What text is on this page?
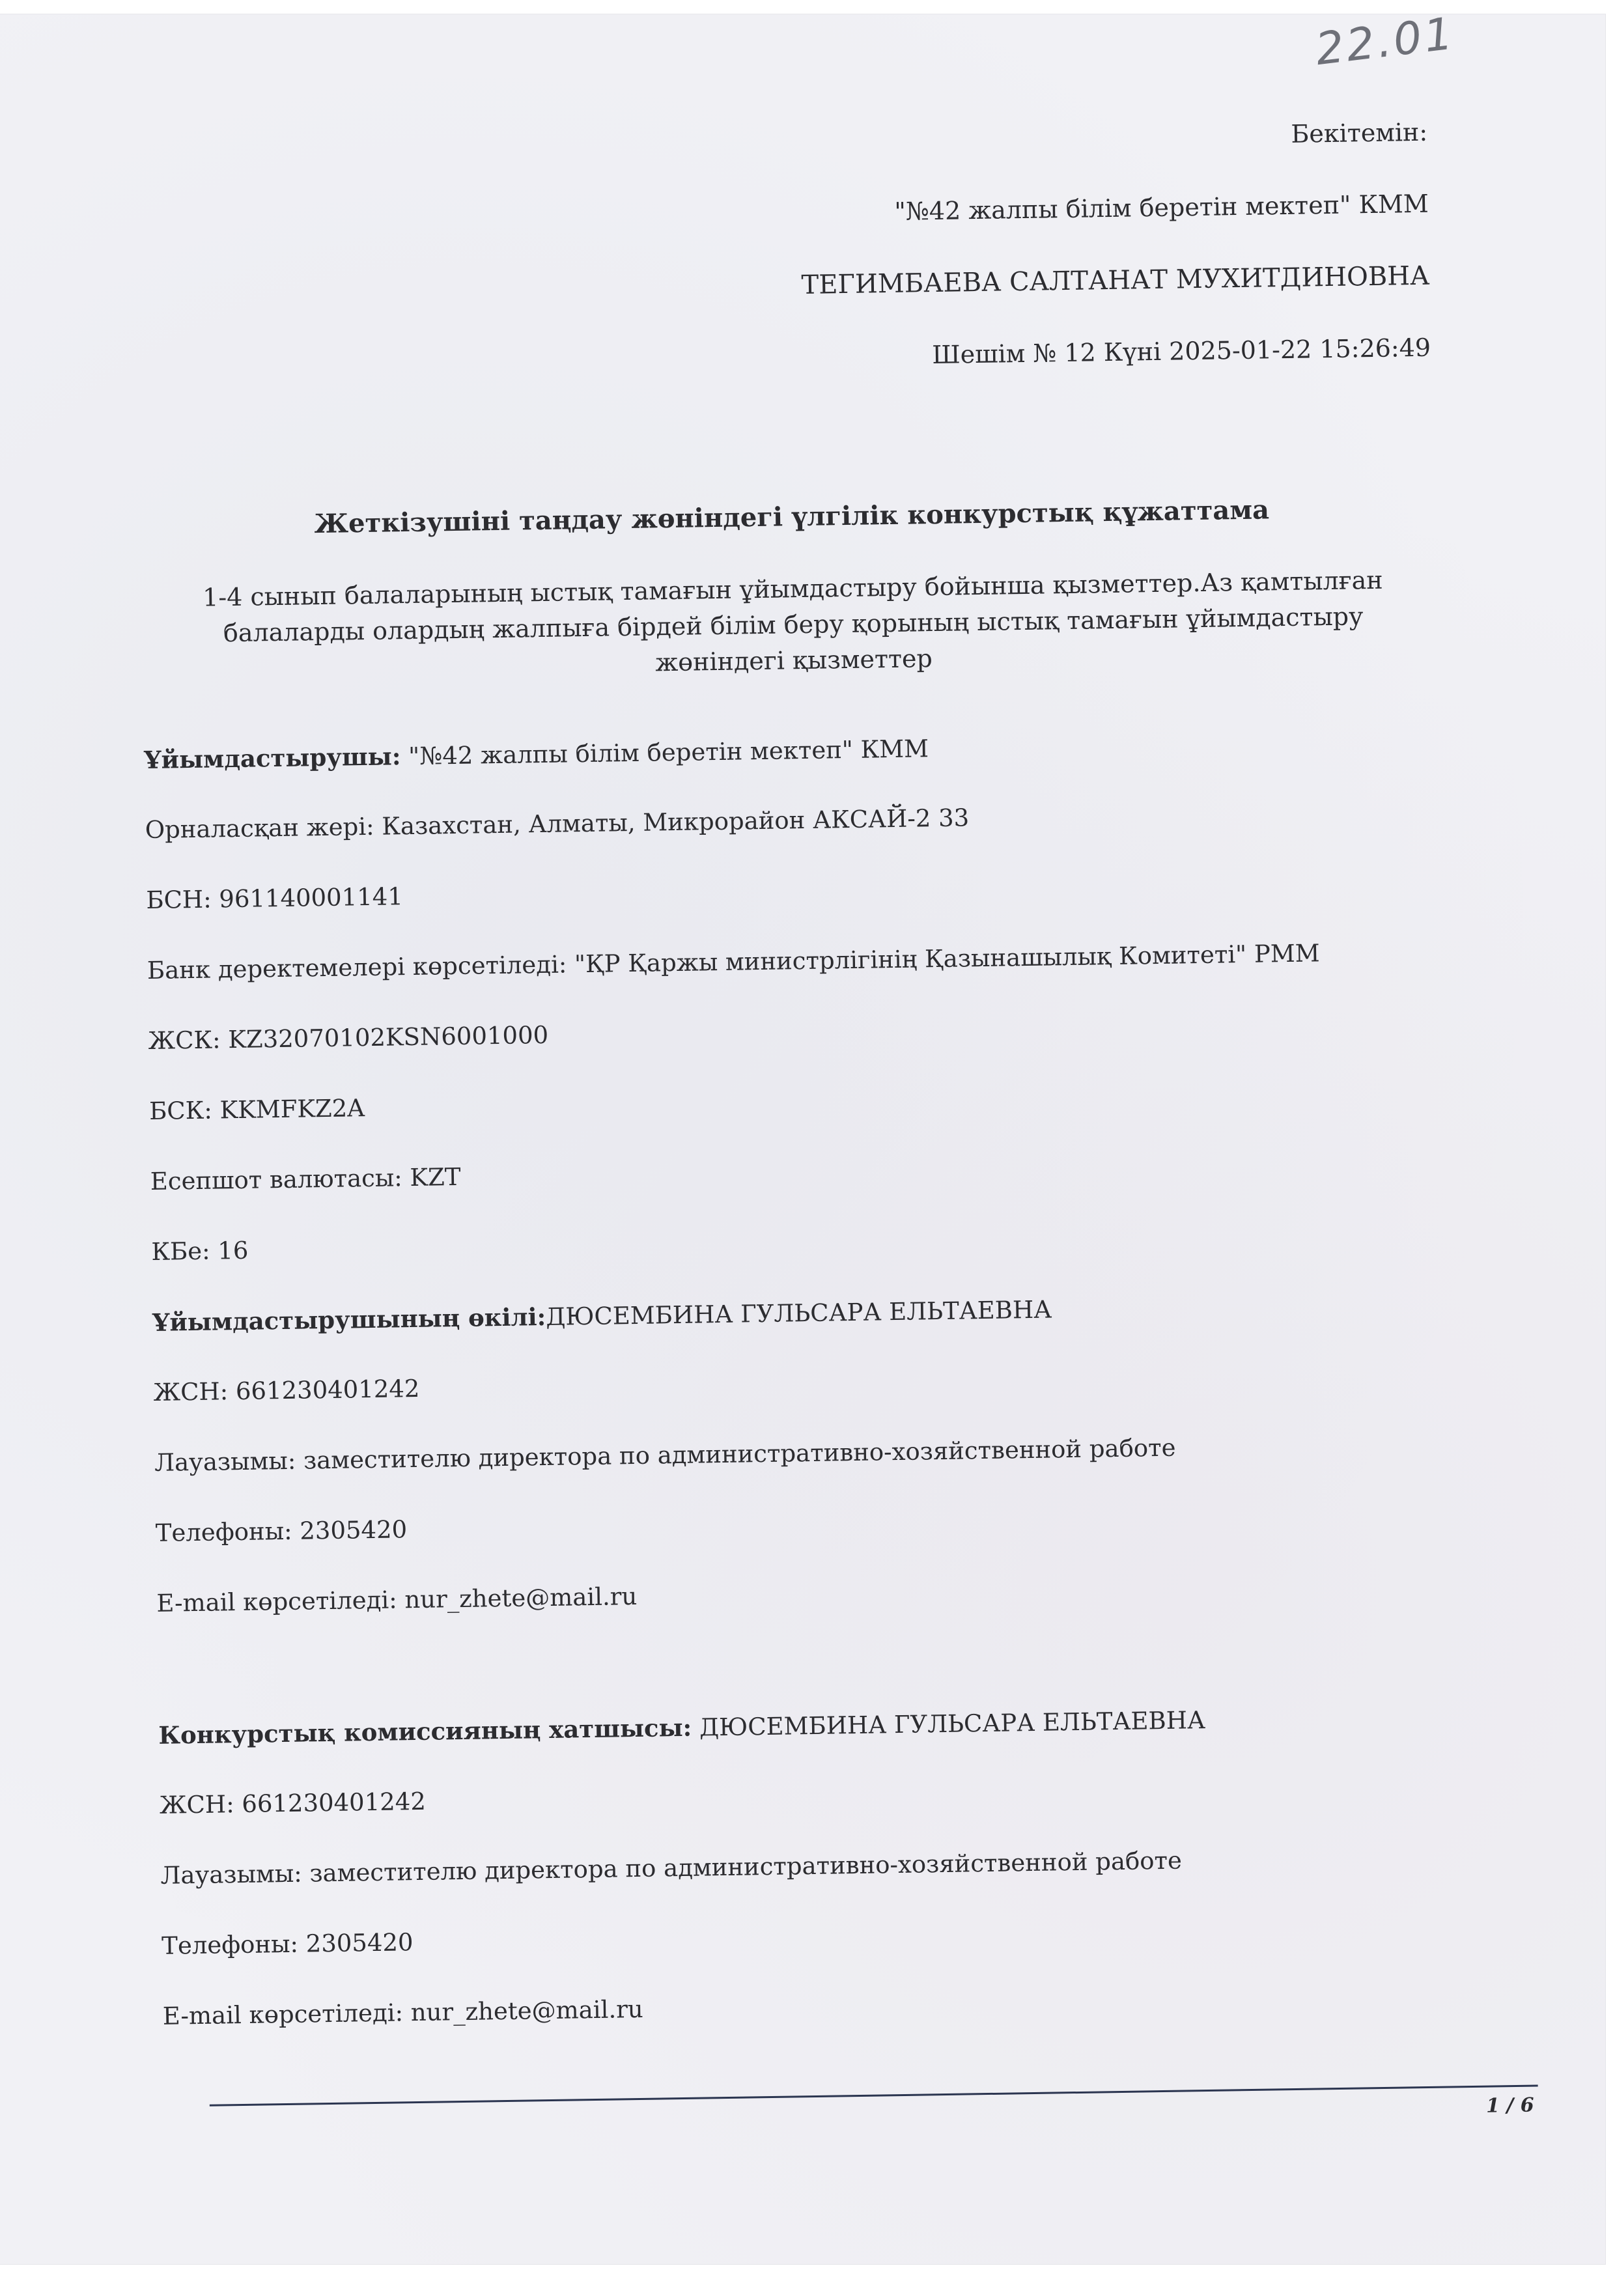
22.01
Бекітемін:
"№42 жалпы білім беретін мектеп" КММ
ТЕГИМБАЕВА САЛТАНАТ МУХИТДИНОВНА
Шешім № 12 Күні 2025-01-22 15:26:49
Жеткізушіні таңдау жөніндегі үлгілік конкурстық құжаттама
1-4 сынып балаларының ыстық тамағын ұйымдастыру бойынша қызметтер.Аз қамтылған балаларды олардың жалпыға бірдей білім беру қорының ыстық тамағын ұйымдастыру жөніндегі қызметтер
Ұйымдастырушы: "№42 жалпы білім беретін мектеп" КММ
Орналасқан жері: Казахстан, Алматы, Микрорайон АКСАЙ-2 33
БСН: 961140001141
Банк деректемелері көрсетіледі: "ҚР Қаржы министрлігінің Қазынашылық Комитеті" РММ
ЖСК: KZ32070102KSN6001000
БСК: KKMFKZ2A
Есепшот валютасы: KZT
КБе: 16
Ұйымдастырушының өкілі:ДЮСЕМБИНА ГУЛЬСАРА ЕЛЬТАЕВНА
ЖСН: 661230401242
Лауазымы: заместителю директора по административно-хозяйственной работе
Телефоны: 2305420
E-mail көрсетіледі: nur_zhete@mail.ru
Конкурстық комиссияның хатшысы: ДЮСЕМБИНА ГУЛЬСАРА ЕЛЬТАЕВНА
ЖСН: 661230401242
Лауазымы: заместителю директора по административно-хозяйственной работе
Телефоны: 2305420
E-mail көрсетіледі: nur_zhete@mail.ru
1 / 6
